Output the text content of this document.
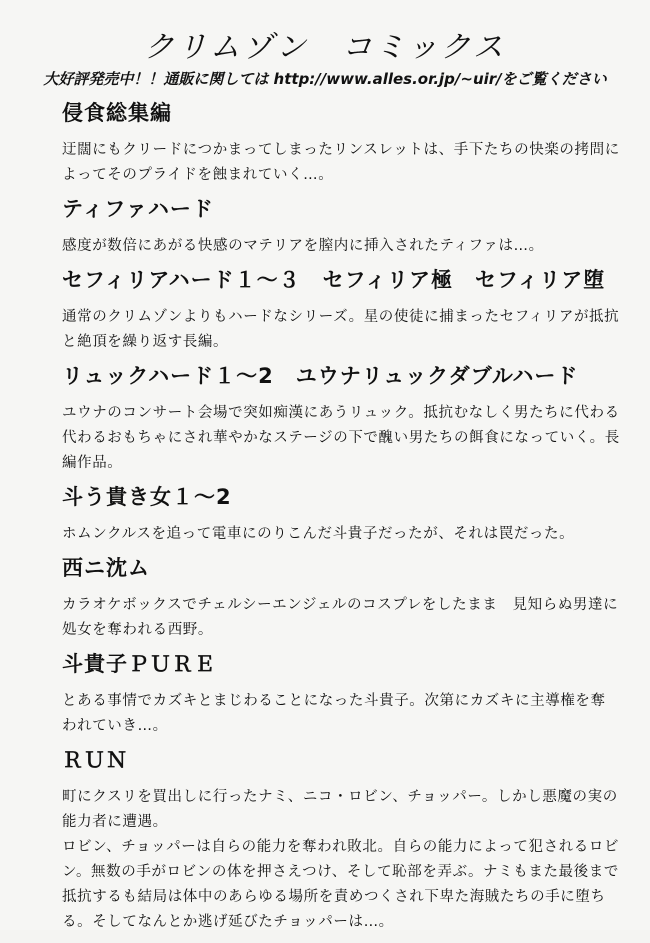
クリムゾン　コミックス
大好評発売中！！通販に関しては http://www.alles.or.jp/~uir/をご覧ください
侵食総集編
迂闊にもクリードにつかまってしまったリンスレットは、手下たちの快楽の拷問によってそのプライドを蝕まれていく…。
ティファハード
感度が数倍にあがる快感のマテリアを膣内に挿入されたティファは…。
セフィリアハード１～３　セフィリア極　セフィリア堕
通常のクリムゾンよりもハードなシリーズ。星の使徒に捕まったセフィリアが抵抗と絶頂を繰り返す長編。
リュックハード１～2　ユウナリュックダブルハード
ユウナのコンサート会場で突如痴漢にあうリュック。抵抗むなしく男たちに代わる代わるおもちゃにされ華やかなステージの下で醜い男たちの餌食になっていく。長編作品。
斗う貴き女１～2
ホムンクルスを追って電車にのりこんだ斗貴子だったが、それは罠だった。
西ニ沈ム
カラオケボックスでチェルシーエンジェルのコスプレをしたまま　見知らぬ男達に処女を奪われる西野。
斗貴子ＰＵＲＥ
とある事情でカズキとまじわることになった斗貴子。次第にカズキに主導権を奪われていき…。
ＲＵＮ
町にクスリを買出しに行ったナミ、ニコ・ロビン、チョッパー。しかし悪魔の実の能力者に遭遇。
ロビン、チョッパーは自らの能力を奪われ敗北。自らの能力によって犯されるロビン。無数の手がロビンの体を押さえつけ、そして恥部を弄ぶ。ナミもまた最後まで抵抗するも結局は体中のあらゆる場所を責めつくされ下卑た海賊たちの手に堕ちる。そしてなんとか逃げ延びたチョッパーは…。
